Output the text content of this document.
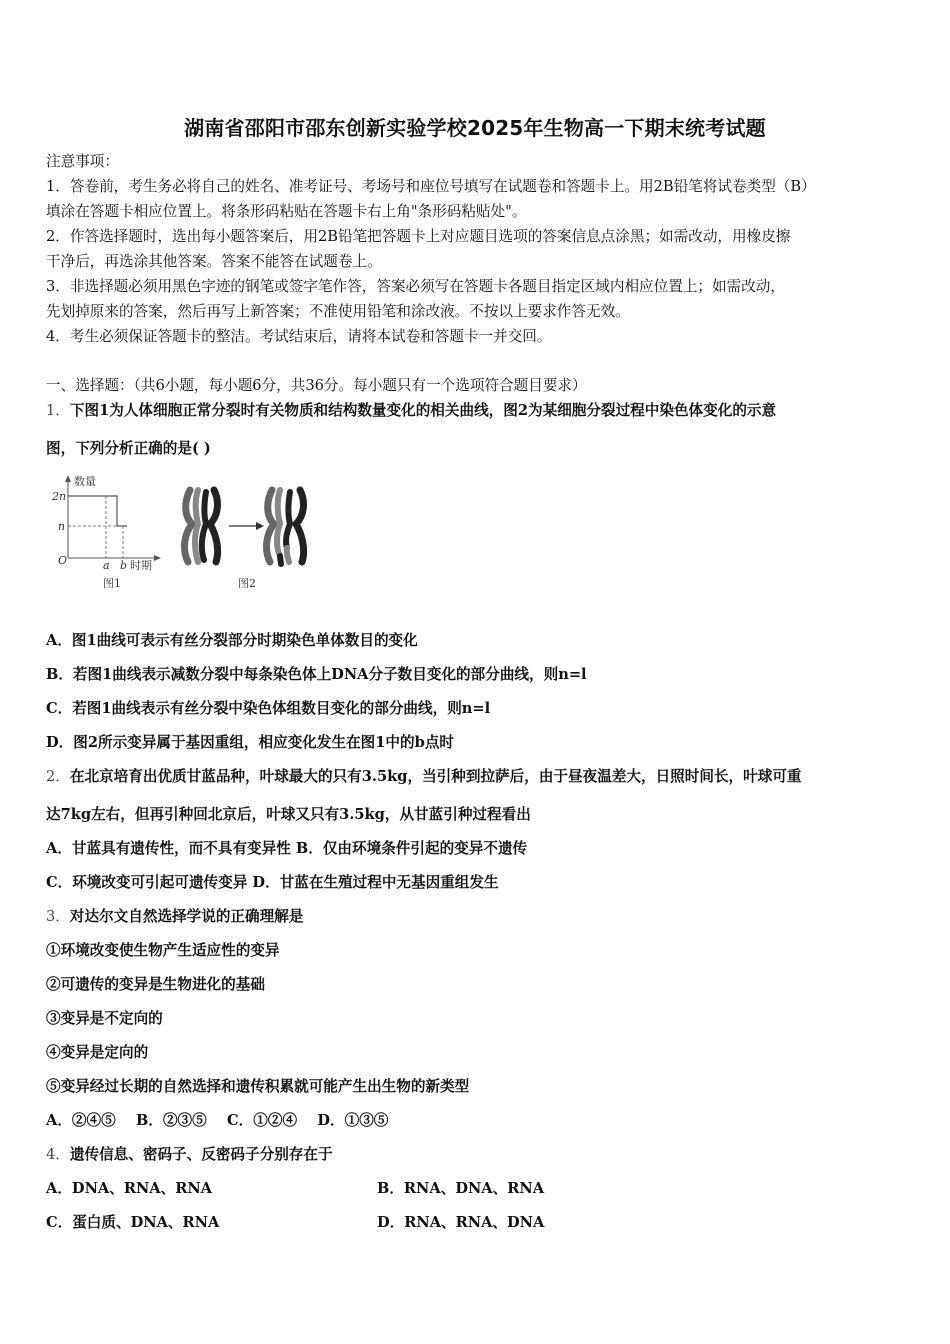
湖南省邵阳市邵东创新实验学校2025年生物高一下期末统考试题
注意事项：
1．答卷前，考生务必将自己的姓名、准考证号、考场号和座位号填写在试题卷和答题卡上。用2B铅笔将试卷类型（B）
填涂在答题卡相应位置上。将条形码粘贴在答题卡右上角"条形码粘贴处"。
2．作答选择题时，选出每小题答案后，用2B铅笔把答题卡上对应题目选项的答案信息点涂黑；如需改动，用橡皮擦
干净后，再选涂其他答案。答案不能答在试题卷上。
3．非选择题必须用黑色字迹的钢笔或签字笔作答，答案必须写在答题卡各题目指定区域内相应位置上；如需改动，
先划掉原来的答案，然后再写上新答案；不准使用铅笔和涂改液。不按以上要求作答无效。
4．考生必须保证答题卡的整洁。考试结束后，请将本试卷和答题卡一并交回。
一、选择题：（共6小题，每小题6分，共36分。每小题只有一个选项符合题目要求）
1．下图1为人体细胞正常分裂时有关物质和结构数量变化的相关曲线，图2为某细胞分裂过程中染色体变化的示意
图，下列分析正确的是( )
数量
2n
n
O	a b 时期
图1	图2
A．图1曲线可表示有丝分裂部分时期染色单体数目的变化
B．若图1曲线表示减数分裂中每条染色体上DNA分子数目变化的部分曲线，则n=l
C．若图1曲线表示有丝分裂中染色体组数目变化的部分曲线，则n=l
D．图2所示变异属于基因重组，相应变化发生在图1中的b点时
2．在北京培育出优质甘蓝品种，叶球最大的只有3.5kg，当引种到拉萨后，由于昼夜温差大，日照时间长，叶球可重
达7kg左右，但再引种回北京后，叶球又只有3.5kg，从甘蓝引种过程看出
A．甘蓝具有遗传性，而不具有变异性 B．仅由环境条件引起的变异不遗传
C．环境改变可引起可遗传变异 D．甘蓝在生殖过程中无基因重组发生
3．对达尔文自然选择学说的正确理解是
①环境改变使生物产生适应性的变异
②可遗传的变异是生物进化的基础
③变异是不定向的
④变异是定向的
⑤变异经过长期的自然选择和遗传积累就可能产生出生物的新类型
A．②④⑤    B．②③⑤    C．①②④    D．①③⑤
4．遗传信息、密码子、反密码子分别存在于
A．DNA、RNA、RNA	B．RNA、DNA、RNA
C．蛋白质、DNA、RNA	D．RNA、RNA、DNA
